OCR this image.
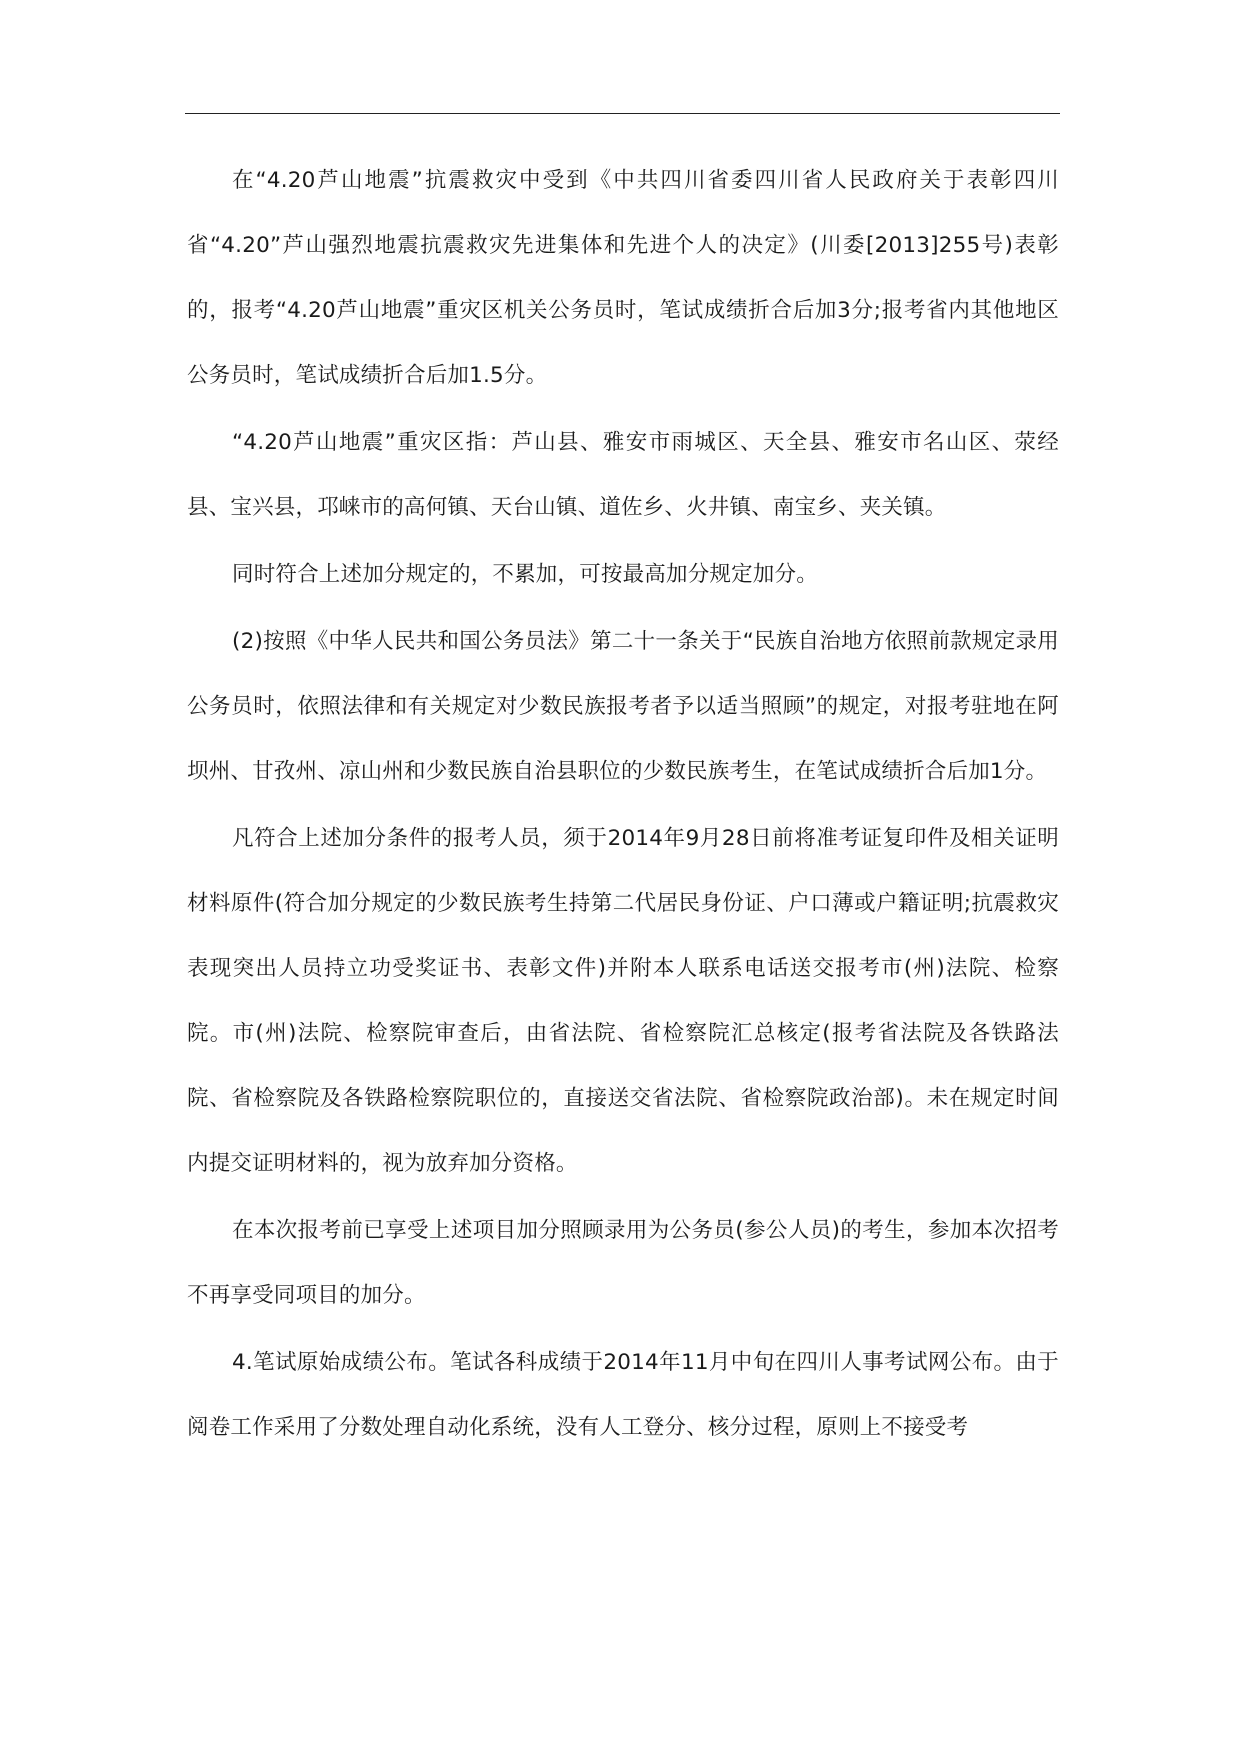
在“4.20芦山地震”抗震救灾中受到《中共四川省委四川省人民政府关于表彰四川省“4.20”芦山强烈地震抗震救灾先进集体和先进个人的决定》(川委[2013]255号)表彰的，报考“4.20芦山地震”重灾区机关公务员时，笔试成绩折合后加3分;报考省内其他地区公务员时，笔试成绩折合后加1.5分。

“4.20芦山地震”重灾区指：芦山县、雅安市雨城区、天全县、雅安市名山区、荥经县、宝兴县，邛崃市的高何镇、天台山镇、道佐乡、火井镇、南宝乡、夹关镇。

同时符合上述加分规定的，不累加，可按最高加分规定加分。

(2)按照《中华人民共和国公务员法》第二十一条关于“民族自治地方依照前款规定录用公务员时，依照法律和有关规定对少数民族报考者予以适当照顾”的规定，对报考驻地在阿坝州、甘孜州、凉山州和少数民族自治县职位的少数民族考生，在笔试成绩折合后加1分。

凡符合上述加分条件的报考人员，须于2014年9月28日前将准考证复印件及相关证明材料原件(符合加分规定的少数民族考生持第二代居民身份证、户口薄或户籍证明;抗震救灾表现突出人员持立功受奖证书、表彰文件)并附本人联系电话送交报考市(州)法院、检察院。市(州)法院、检察院审查后，由省法院、省检察院汇总核定(报考省法院及各铁路法院、省检察院及各铁路检察院职位的，直接送交省法院、省检察院政治部)。未在规定时间内提交证明材料的，视为放弃加分资格。

在本次报考前已享受上述项目加分照顾录用为公务员(参公人员)的考生，参加本次招考不再享受同项目的加分。

4.笔试原始成绩公布。笔试各科成绩于2014年11月中旬在四川人事考试网公布。由于阅卷工作采用了分数处理自动化系统，没有人工登分、核分过程，原则上不接受考
